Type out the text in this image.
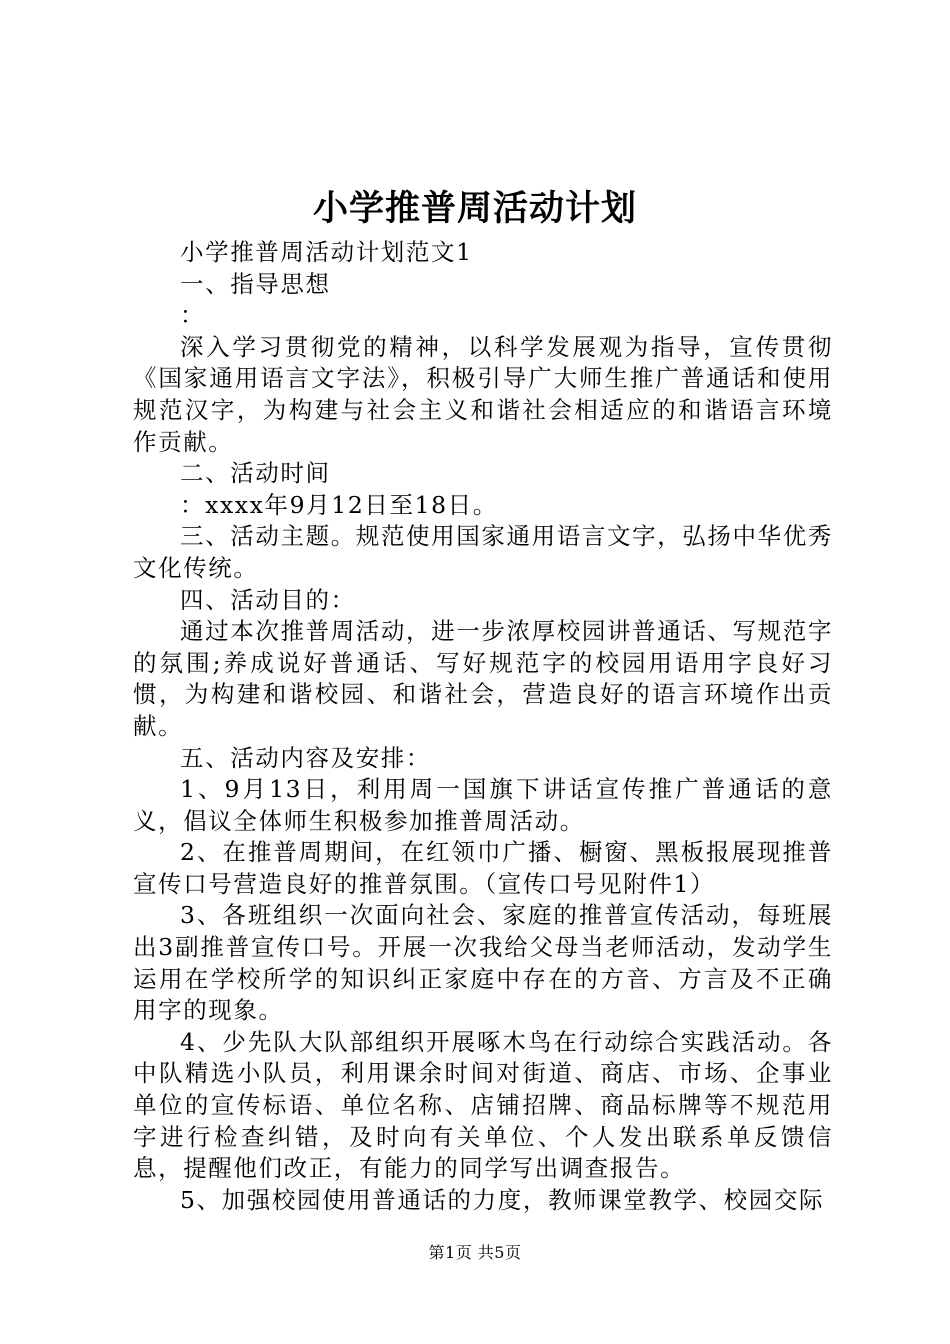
小学推普周活动计划

小学推普周活动计划范文1

一、指导思想

：

深入学习贯彻党的精神，以科学发展观为指导，宣传贯彻《国家通用语言文字法》，积极引导广大师生推广普通话和使用规范汉字，为构建与社会主义和谐社会相适应的和谐语言环境作贡献。

二、活动时间

：xxxx年9月12日至18日。

三、活动主题。规范使用国家通用语言文字，弘扬中华优秀文化传统。

四、活动目的：

通过本次推普周活动，进一步浓厚校园讲普通话、写规范字的氛围;养成说好普通话、写好规范字的校园用语用字良好习惯，为构建和谐校园、和谐社会，营造良好的语言环境作出贡献。

五、活动内容及安排：

1、9月13日，利用周一国旗下讲话宣传推广普通话的意义，倡议全体师生积极参加推普周活动。

2、在推普周期间，在红领巾广播、橱窗、黑板报展现推普宣传口号营造良好的推普氛围。（宣传口号见附件1）

3、各班组织一次面向社会、家庭的推普宣传活动，每班展出3副推普宣传口号。开展一次我给父母当老师活动，发动学生运用在学校所学的知识纠正家庭中存在的方音、方言及不正确用字的现象。

4、少先队大队部组织开展啄木鸟在行动综合实践活动。各中队精选小队员，利用课余时间对街道、商店、市场、企事业单位的宣传标语、单位名称、店铺招牌、商品标牌等不规范用字进行检查纠错，及时向有关单位、个人发出联系单反馈信息，提醒他们改正，有能力的同学写出调查报告。

5、加强校园使用普通话的力度，教师课堂教学、校园交际

第1页 共5页
